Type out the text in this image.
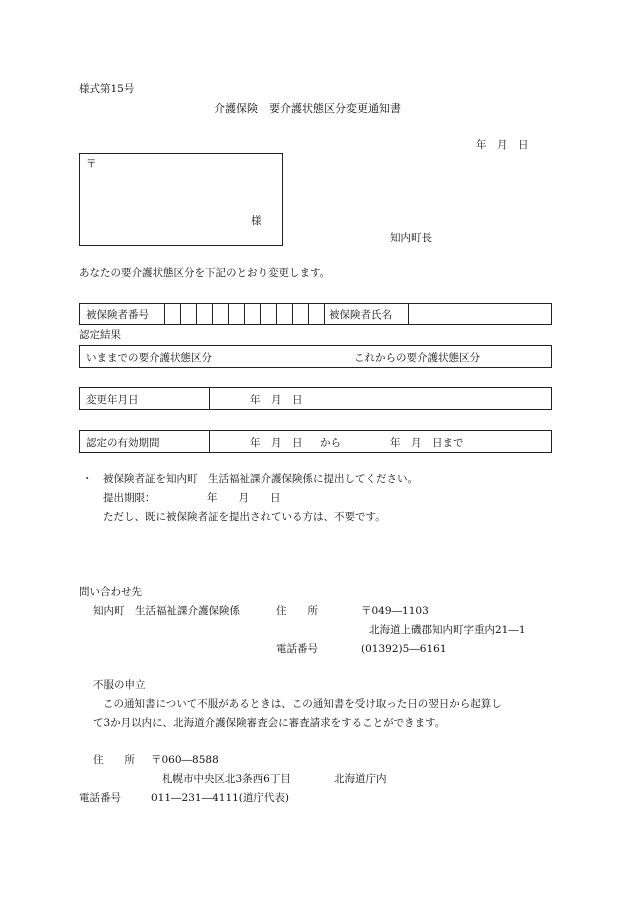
様式第15号
介護保険　要介護状態区分変更通知書
年　月　日
〒
様
知内町長
あなたの要介護状態区分を下記のとおり変更します。
被保険者番号	被保険者氏名
認定結果
いままでの要介護状態区分	これからの要介護状態区分
変更年月日	年　月　日
認定の有効期間	年　月　日 から	年　月　日まで
・ 被保険者証を知内町　生活福祉課介護保険係に提出してください。
提出期限：	年　　月　　日
ただし、既に被保険者証を提出されている方は、不要です。
問い合わせ先
知内町　生活福祉課介護保険係	住　　所	〒049―1103
北海道上磯郡知内町字重内21―1
電話番号	(01392)5―6161
不服の申立
この通知書について不服があるときは、この通知書を受け取った日の翌日から起算し
て3か月以内に、北海道介護保険審査会に審査請求をすることができます。
住　　所 〒060―8588
札幌市中央区北3条西6丁目	北海道庁内
電話番号	011―231―4111(道庁代表)
